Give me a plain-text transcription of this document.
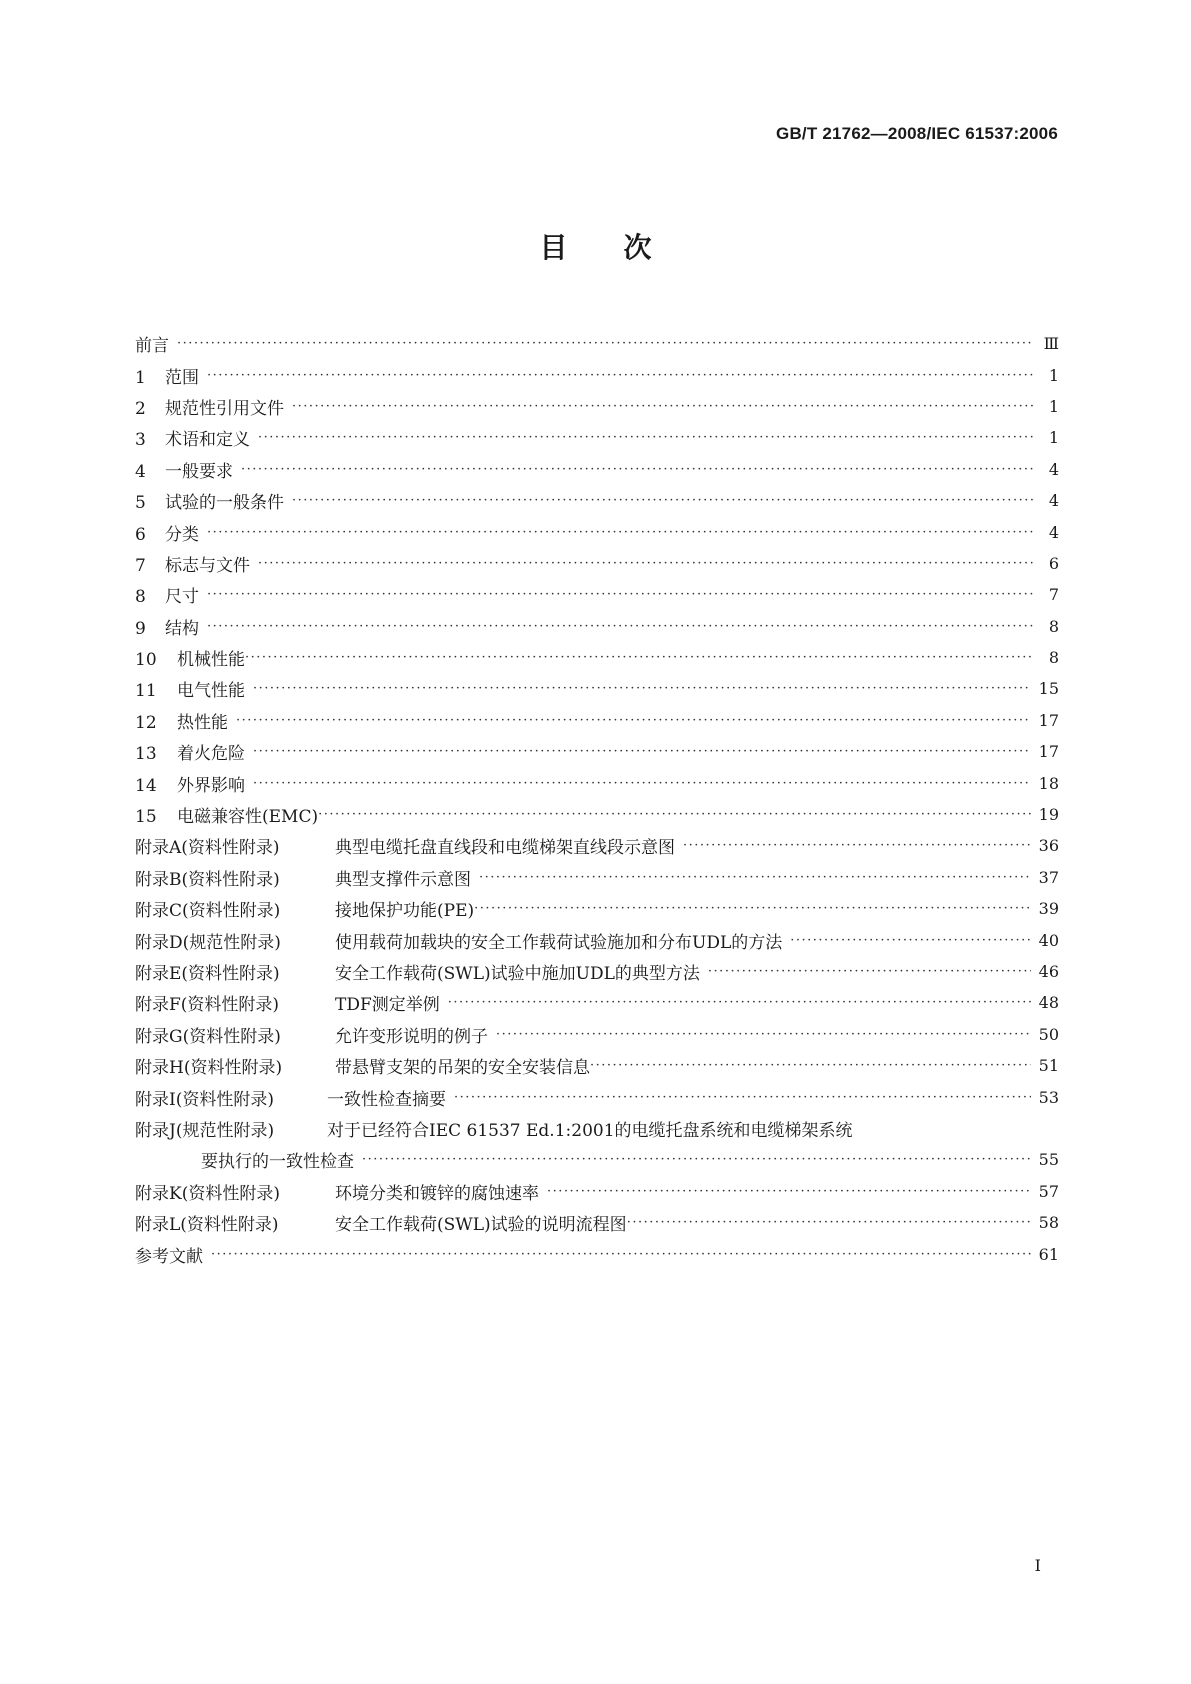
GB/T 21762—2008/IEC 61537:2006
目次
前言 ·····	Ⅲ
1 范围 ·····	1
2 规范性引用文件 ·····	1
3 术语和定义 ·····	1
4 一般要求 ·····	4
5 试验的一般条件 ·····	4
6 分类 ·····	4
7 标志与文件 ·····	6
8 尺寸 ·····	7
9 结构 ·····	8
10 机械性能 ·····	8
11 电气性能 ·····	15
12 热性能 ·····	17
13 着火危险 ·····	17
14 外界影响 ·····	18
15 电磁兼容性(EMC) ·····	19
附录A(资料性附录)	典型电缆托盘直线段和电缆梯架直线段示意图 ·····	36
附录B(资料性附录)	典型支撑件示意图 ·····	37
附录C(资料性附录)	接地保护功能(PE) ·····	39
附录D(规范性附录)	使用载荷加载块的安全工作载荷试验施加和分布UDL的方法 ·····	40
附录E(资料性附录)	安全工作载荷(SWL)试验中施加UDL的典型方法 ·····	46
附录F(资料性附录)	TDF测定举例 ·····	48
附录G(资料性附录)	允许变形说明的例子 ·····	50
附录H(资料性附录)	带悬臂支架的吊架的安全安装信息 ·····	51
附录I(资料性附录)	一致性检查摘要 ·····	53
附录J(规范性附录)	对于已经符合IEC 61537 Ed.1:2001的电缆托盘系统和电缆梯架系统
要执行的一致性检查 ·····	55
附录K(资料性附录)	环境分类和镀锌的腐蚀速率 ·····	57
附录L(资料性附录)	安全工作载荷(SWL)试验的说明流程图 ·····	58
参考文献 ·····	61
I
